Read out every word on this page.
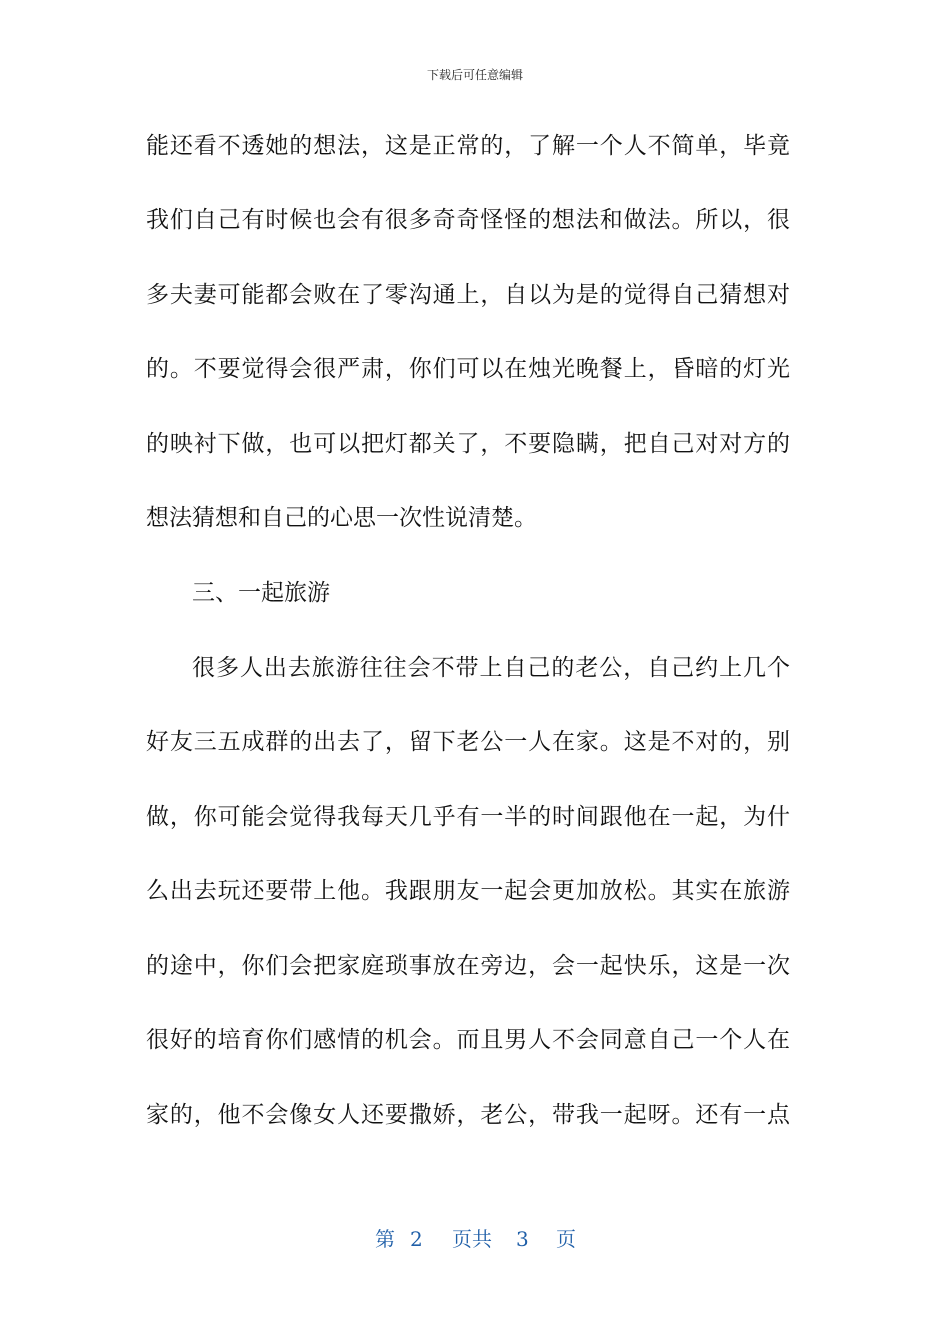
下载后可任意编辑
能还看不透她的想法，这是正常的，了解一个人不简单，毕竟
我们自己有时候也会有很多奇奇怪怪的想法和做法。所以，很
多夫妻可能都会败在了零沟通上，自以为是的觉得自己猜想对
的。不要觉得会很严肃，你们可以在烛光晚餐上，昏暗的灯光
的映衬下做，也可以把灯都关了，不要隐瞒，把自己对对方的
想法猜想和自己的心思一次性说清楚。
三、一起旅游
很多人出去旅游往往会不带上自己的老公，自己约上几个
好友三五成群的出去了，留下老公一人在家。这是不对的，别
做，你可能会觉得我每天几乎有一半的时间跟他在一起，为什
么出去玩还要带上他。我跟朋友一起会更加放松。其实在旅游
的途中，你们会把家庭琐事放在旁边，会一起快乐，这是一次
很好的培育你们感情的机会。而且男人不会同意自己一个人在
家的，他不会像女人还要撒娇，老公，带我一起呀。还有一点
第 2 页共 3 页
